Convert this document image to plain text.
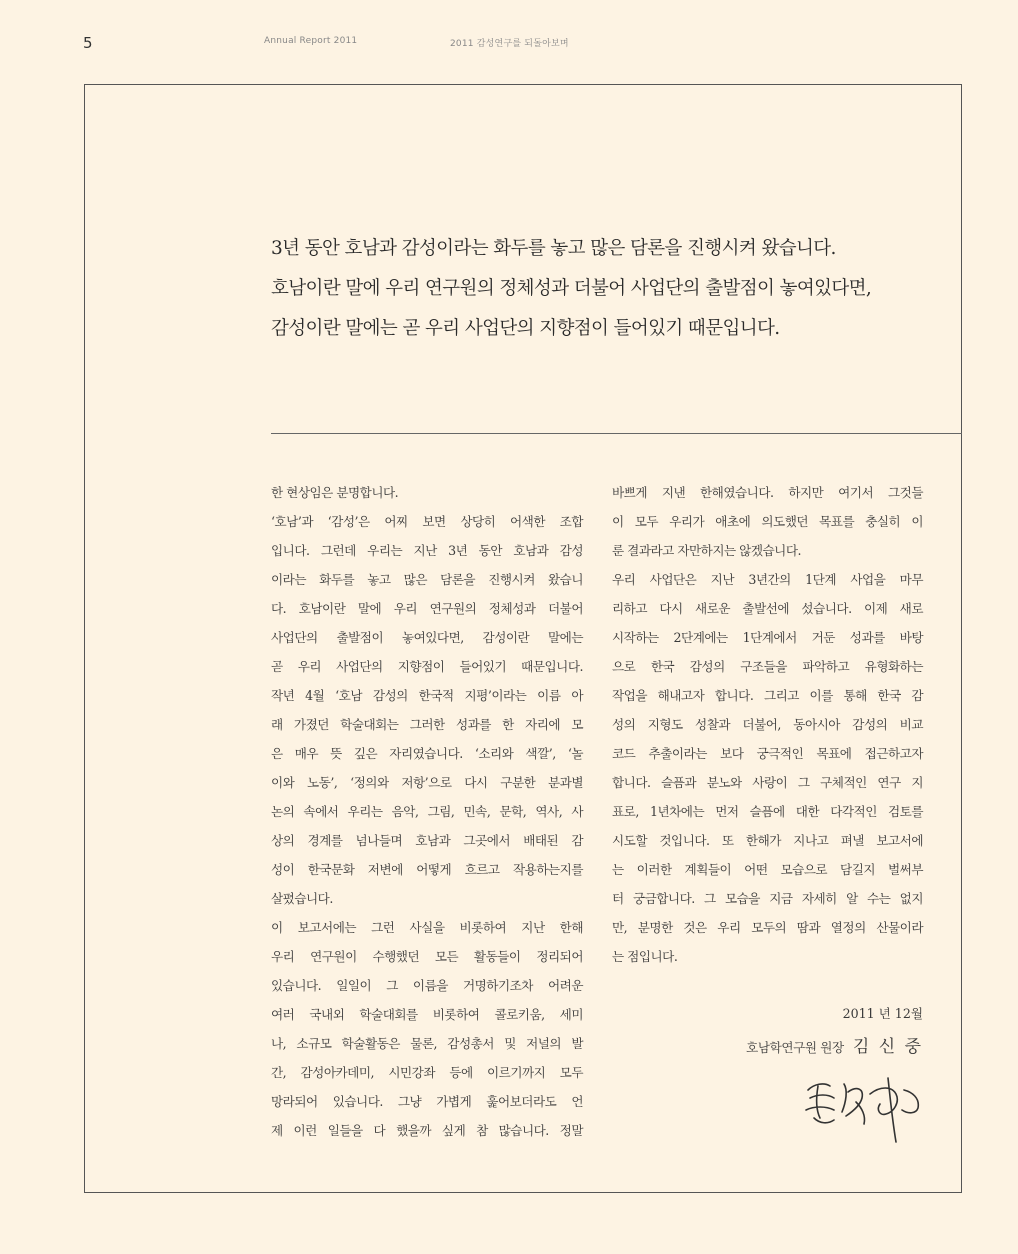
5	Annual Report 2011	2011 감성연구를 되돌아보며
3년 동안 호남과 감성이라는 화두를 놓고 많은 담론을 진행시켜 왔습니다.
호남이란 말에 우리 연구원의 정체성과 더불어 사업단의 출발점이 놓여있다면,
감성이란 말에는 곧 우리 사업단의 지향점이 들어있기 때문입니다.
한 현상임은 분명합니다.
‘호남’과 ‘감성’은 어찌 보면 상당히 어색한 조합
입니다. 그런데 우리는 지난 3년 동안 호남과 감성
이라는 화두를 놓고 많은 담론을 진행시켜 왔습니
다. 호남이란 말에 우리 연구원의 정체성과 더불어
사업단의 출발점이 놓여있다면, 감성이란 말에는
곧 우리 사업단의 지향점이 들어있기 때문입니다.
작년 4월 ‘호남 감성의 한국적 지평’이라는 이름 아
래 가졌던 학술대회는 그러한 성과를 한 자리에 모
은 매우 뜻 깊은 자리였습니다. ‘소리와 색깔’, ‘놀
이와 노동’, ‘정의와 저항’으로 다시 구분한 분과별
논의 속에서 우리는 음악, 그림, 민속, 문학, 역사, 사
상의 경계를 넘나들며 호남과 그곳에서 배태된 감
성이 한국문화 저변에 어떻게 흐르고 작용하는지를
살폈습니다.
이 보고서에는 그런 사실을 비롯하여 지난 한해
우리 연구원이 수행했던 모든 활동들이 정리되어
있습니다. 일일이 그 이름을 거명하기조차 어려운
여러 국내외 학술대회를 비롯하여 콜로키움, 세미
나, 소규모 학술활동은 물론, 감성총서 및 저널의 발
간, 감성아카데미, 시민강좌 등에 이르기까지 모두
망라되어 있습니다. 그냥 가볍게 훑어보더라도 언
제 이런 일들을 다 했을까 싶게 참 많습니다. 정말
바쁘게 지낸 한해였습니다. 하지만 여기서 그것들
이 모두 우리가 애초에 의도했던 목표를 충실히 이
룬 결과라고 자만하지는 않겠습니다.
우리 사업단은 지난 3년간의 1단계 사업을 마무
리하고 다시 새로운 출발선에 섰습니다. 이제 새로
시작하는 2단계에는 1단계에서 거둔 성과를 바탕
으로 한국 감성의 구조들을 파악하고 유형화하는
작업을 해내고자 합니다. 그리고 이를 통해 한국 감
성의 지형도 성찰과 더불어, 동아시아 감성의 비교
코드 추출이라는 보다 궁극적인 목표에 접근하고자
합니다. 슬픔과 분노와 사랑이 그 구체적인 연구 지
표로, 1년차에는 먼저 슬픔에 대한 다각적인 검토를
시도할 것입니다. 또 한해가 지나고 펴낼 보고서에
는 이러한 계획들이 어떤 모습으로 담길지 벌써부
터 궁금합니다. 그 모습을 지금 자세히 알 수는 없지
만, 분명한 것은 우리 모두의 땀과 열정의 산물이라
는 점입니다.
2011 년 12월
호남학연구원 원장 김 신 중
